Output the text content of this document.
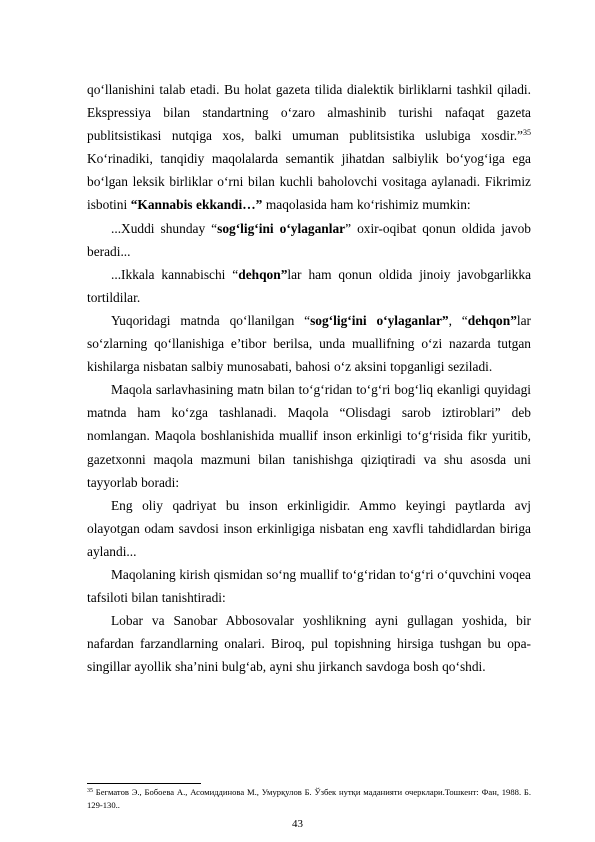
qo‘llanishini talab etadi. Bu holat gazeta tilida dialektik birliklarni tashkil qiladi. Ekspressiya bilan standartning o‘zaro almashinib turishi nafaqat gazeta publitsistikasi nutqiga xos, balki umuman publitsistika uslubiga xosdir.”$^{35}$ Ko‘rinadiki, tanqidiy maqolalarda semantik jihatdan salbiylik bo‘yog‘iga ega bo‘lgan leksik birliklar o‘rni bilan kuchli baholovchi vositaga aylanadi. Fikrimiz isbotini “Kannabis ekkandi…” maqolasida ham ko‘rishimiz mumkin:

...Xuddi shunday “sog‘lig‘ini o‘ylaganlar” oxir-oqibat qonun oldida javob beradi...

...Ikkala kannabischi “dehqon”lar ham qonun oldida jinoiy javobgarlikka tortildilar.

Yuqoridagi matnda qo‘llanilgan “sog‘lig‘ini o‘ylaganlar”, “dehqon”lar so‘zlarning qo‘llanishiga e’tibor berilsa, unda muallifning o‘zi nazarda tutgan kishilarga nisbatan salbiy munosabati, bahosi o‘z aksini topganligi seziladi.

Maqola sarlavhasining matn bilan to‘g‘ridan to‘g‘ri bog‘liq ekanligi quyidagi matnda ham ko‘zga tashlanadi. Maqola “Olisdagi sarob iztiroblari” deb nomlangan. Maqola boshlanishida muallif inson erkinligi to‘g‘risida fikr yuritib, gazetxonni maqola mazmuni bilan tanishishga qiziqtiradi va shu asosda uni tayyorlab boradi:

Eng oliy qadriyat bu inson erkinligidir. Ammo keyingi paytlarda avj olayotgan odam savdosi inson erkinligiga nisbatan eng xavfli tahdidlardan biriga aylandi...

Maqolaning kirish qismidan so‘ng muallif to‘g‘ridan to‘g‘ri o‘quvchini voqea tafsiloti bilan tanishtiradi:

Lobar va Sanobar Abbosovalar yoshlikning ayni gullagan yoshida, bir nafardan farzandlarning onalari. Biroq, pul topishning hirsiga tushgan bu opa-singillar ayollik sha’nini bulg‘ab, ayni shu jirkanch savdoga bosh qo‘shdi.

$^{35}$ Бегматов Э., Бобоева А., Асомиддинова М., Умурқулов Б. Ўзбек нутқи маданияти очерклари.Тошкент: Фан, 1988. Б. 129-130..
43
